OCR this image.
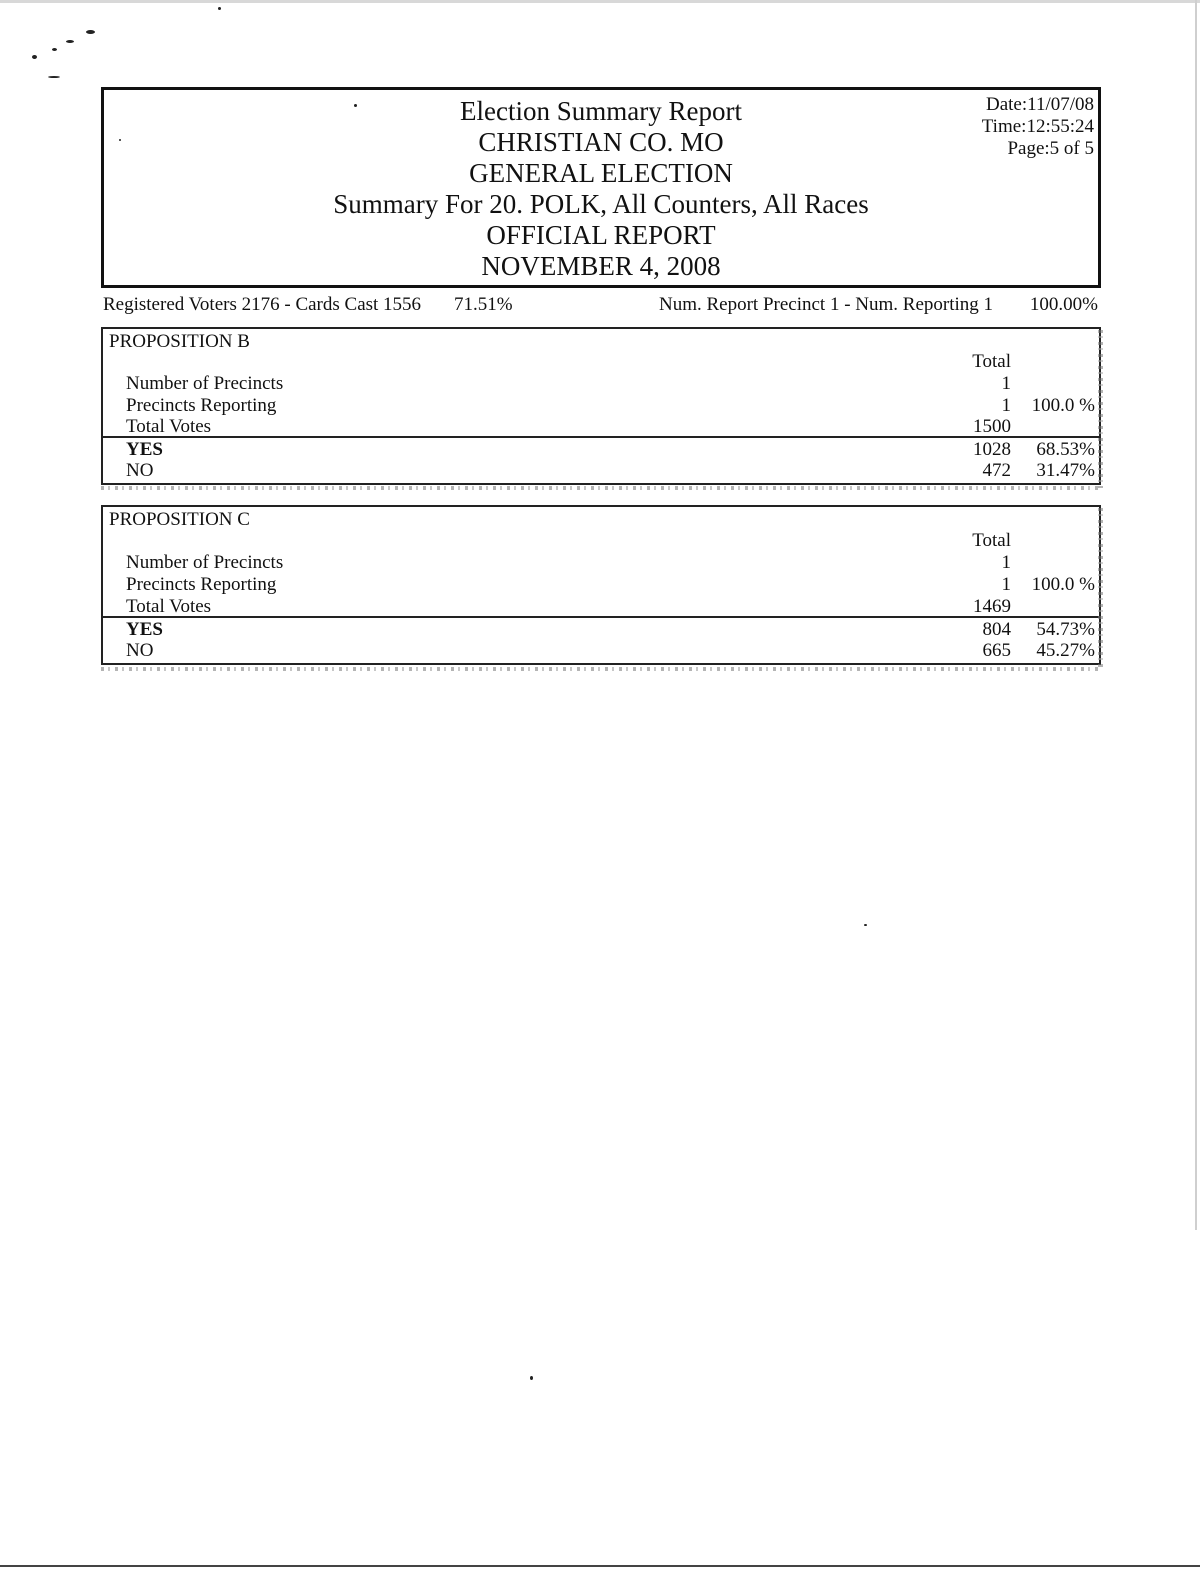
Election Summary Report
CHRISTIAN CO. MO
GENERAL ELECTION
Summary For 20. POLK, All Counters, All Races
OFFICIAL REPORT
NOVEMBER 4, 2008
Date:11/07/08
Time:12:55:24
Page:5 of 5
Registered Voters 2176 - Cards Cast 1556 71.51%	Num. Report Precinct 1 - Num. Reporting 1 100.00%
PROPOSITION B
Total
Number of Precincts	1
Precincts Reporting	1 100.0 %
Total Votes	1500
YES	1028 68.53%
NO	472 31.47%
PROPOSITION C
Total
Number of Precincts	1
Precincts Reporting	1 100.0 %
Total Votes	1469
YES	804 54.73%
NO	665 45.27%
